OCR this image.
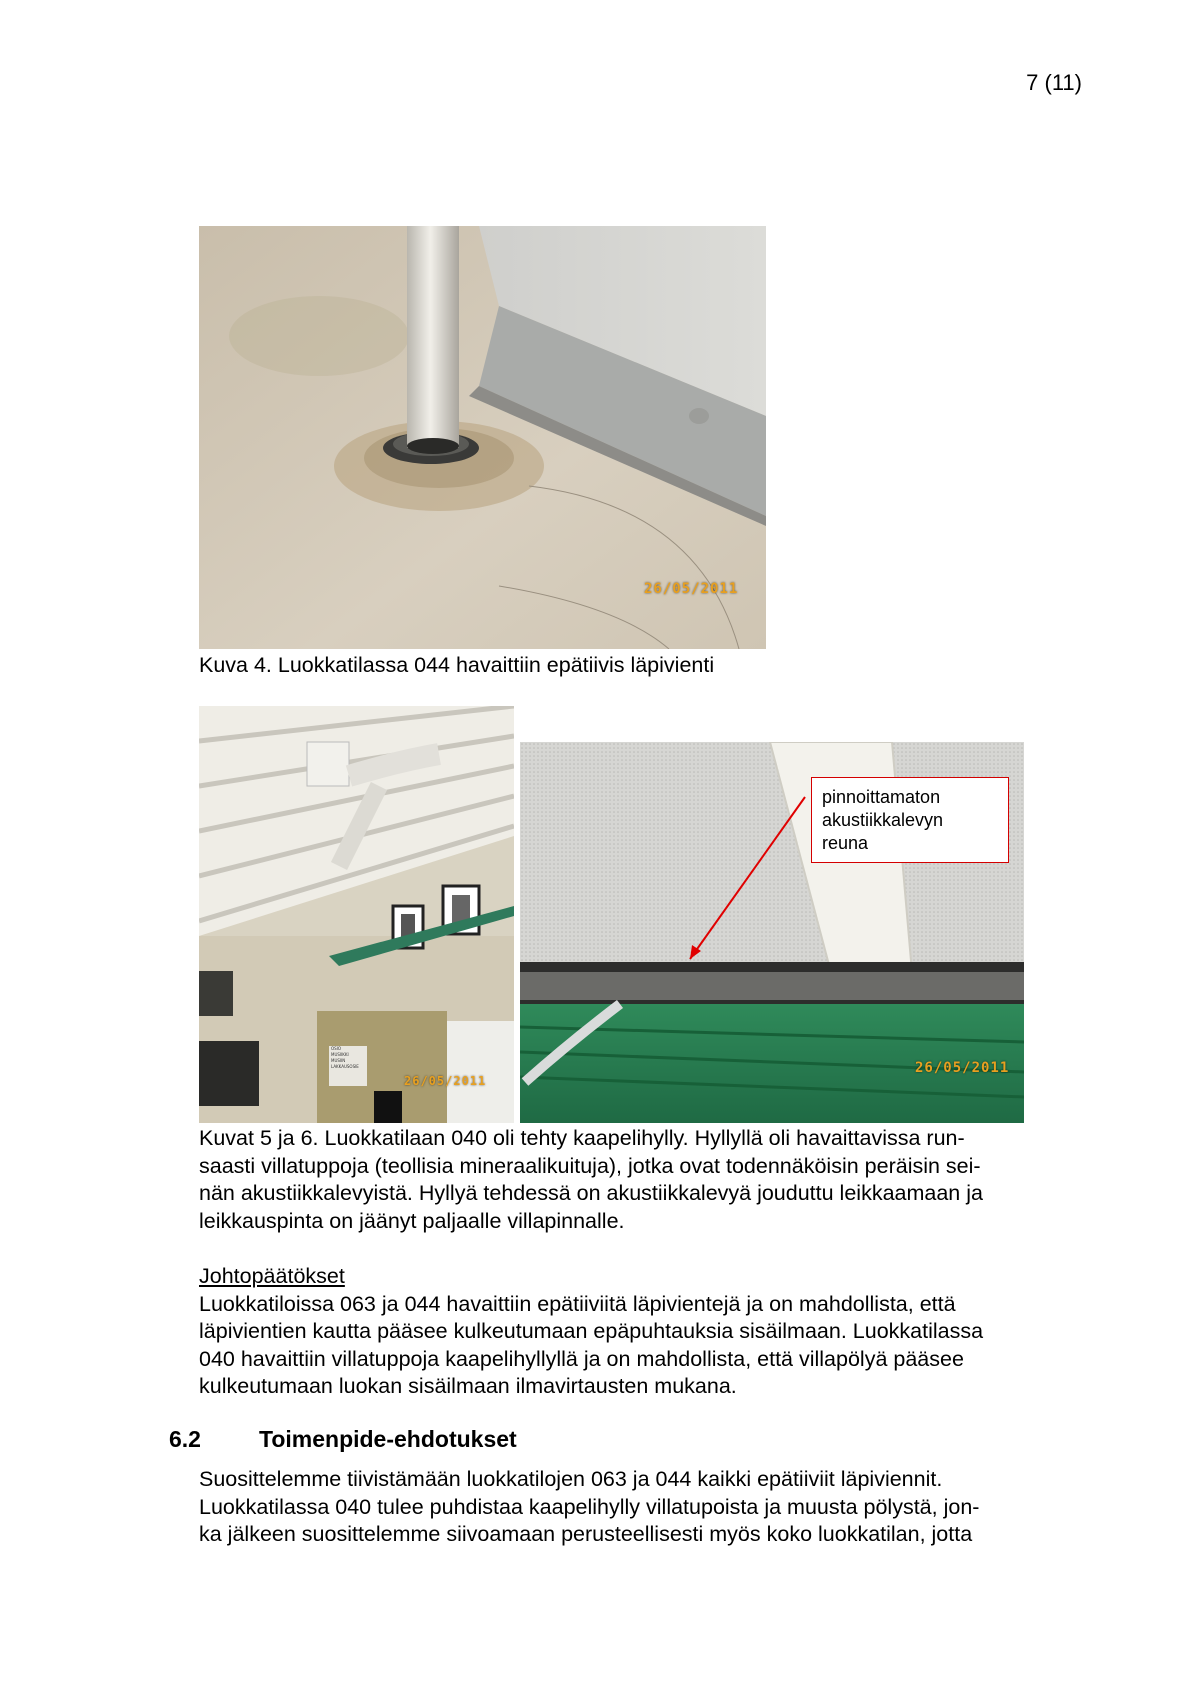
7 (11)
26/05/2011
Kuva 4. Luokkatilassa 044 havaittiin epätiivis läpivienti
OSIO
MUSIIKKI
MUSIIN
LAKKAUSOSIE
26/05/2011
26/05/2011
pinnoittamaton
akustiikkalevyn
reuna
Kuvat 5 ja 6. Luokkatilaan 040 oli tehty kaapelihylly. Hyllyllä oli havaittavissa run-
saasti villatuppoja (teollisia mineraalikuituja), jotka ovat todennäköisin peräisin sei-
nän akustiikkalevyistä. Hyllyä tehdessä on akustiikkalevyä jouduttu leikkaamaan ja
leikkauspinta on jäänyt paljaalle villapinnalle.
Johtopäätökset
Luokkatiloissa 063 ja 044 havaittiin epätiiviitä läpivientejä ja on mahdollista, että
läpivientien kautta pääsee kulkeutumaan epäpuhtauksia sisäilmaan. Luokkatilassa
040 havaittiin villatuppoja kaapelihyllyllä ja on mahdollista, että villapölyä pääsee
kulkeutumaan luokan sisäilmaan ilmavirtausten mukana.
6.2	Toimenpide-ehdotukset
Suosittelemme tiivistämään luokkatilojen 063 ja 044 kaikki epätiiviit läpiviennit.
Luokkatilassa 040 tulee puhdistaa kaapelihylly villatupoista ja muusta pölystä, jon-
ka jälkeen suosittelemme siivoamaan perusteellisesti myös koko luokkatilan, jotta
